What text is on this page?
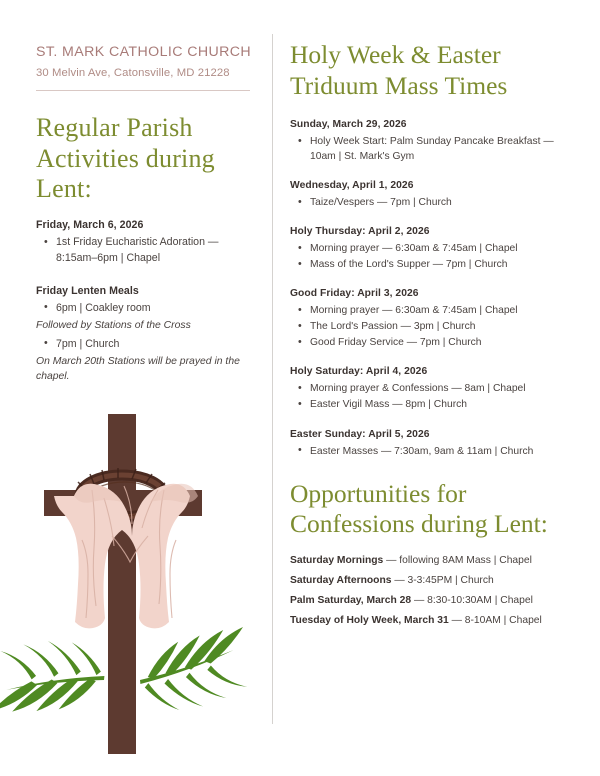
ST. MARK CATHOLIC CHURCH
30 Melvin Ave, Catonsville, MD 21228
Regular Parish Activities during Lent:
Friday, March 6, 2026
• 1st Friday Eucharistic Adoration — 8:15am–6pm | Chapel
Friday Lenten Meals
• 6pm | Coakley room
Followed by Stations of the Cross
• 7pm | Church
On March 20th Stations will be prayed in the chapel.
Holy Week & Easter Triduum Mass Times
Sunday, March 29, 2026
• Holy Week Start: Palm Sunday Pancake Breakfast — 10am | St. Mark's Gym
Wednesday, April 1, 2026
• Taize/Vespers — 7pm | Church
Holy Thursday: April 2, 2026
• Morning prayer — 6:30am & 7:45am | Chapel
• Mass of the Lord's Supper — 7pm | Church
Good Friday: April 3, 2026
• Morning prayer — 6:30am & 7:45am | Chapel
• The Lord's Passion — 3pm | Church
• Good Friday Service — 7pm | Church
Holy Saturday: April 4, 2026
• Morning prayer & Confessions — 8am | Chapel
• Easter Vigil Mass — 8pm | Church
Easter Sunday: April 5, 2026
• Easter Masses — 7:30am, 9am & 11am | Church
Opportunities for Confessions during Lent:
Saturday Mornings — following 8AM Mass | Chapel
Saturday Afternoons — 3-3:45PM | Church
Palm Saturday, March 28 — 8:30-10:30AM | Chapel
Tuesday of Holy Week, March 31 — 8-10AM | Chapel
